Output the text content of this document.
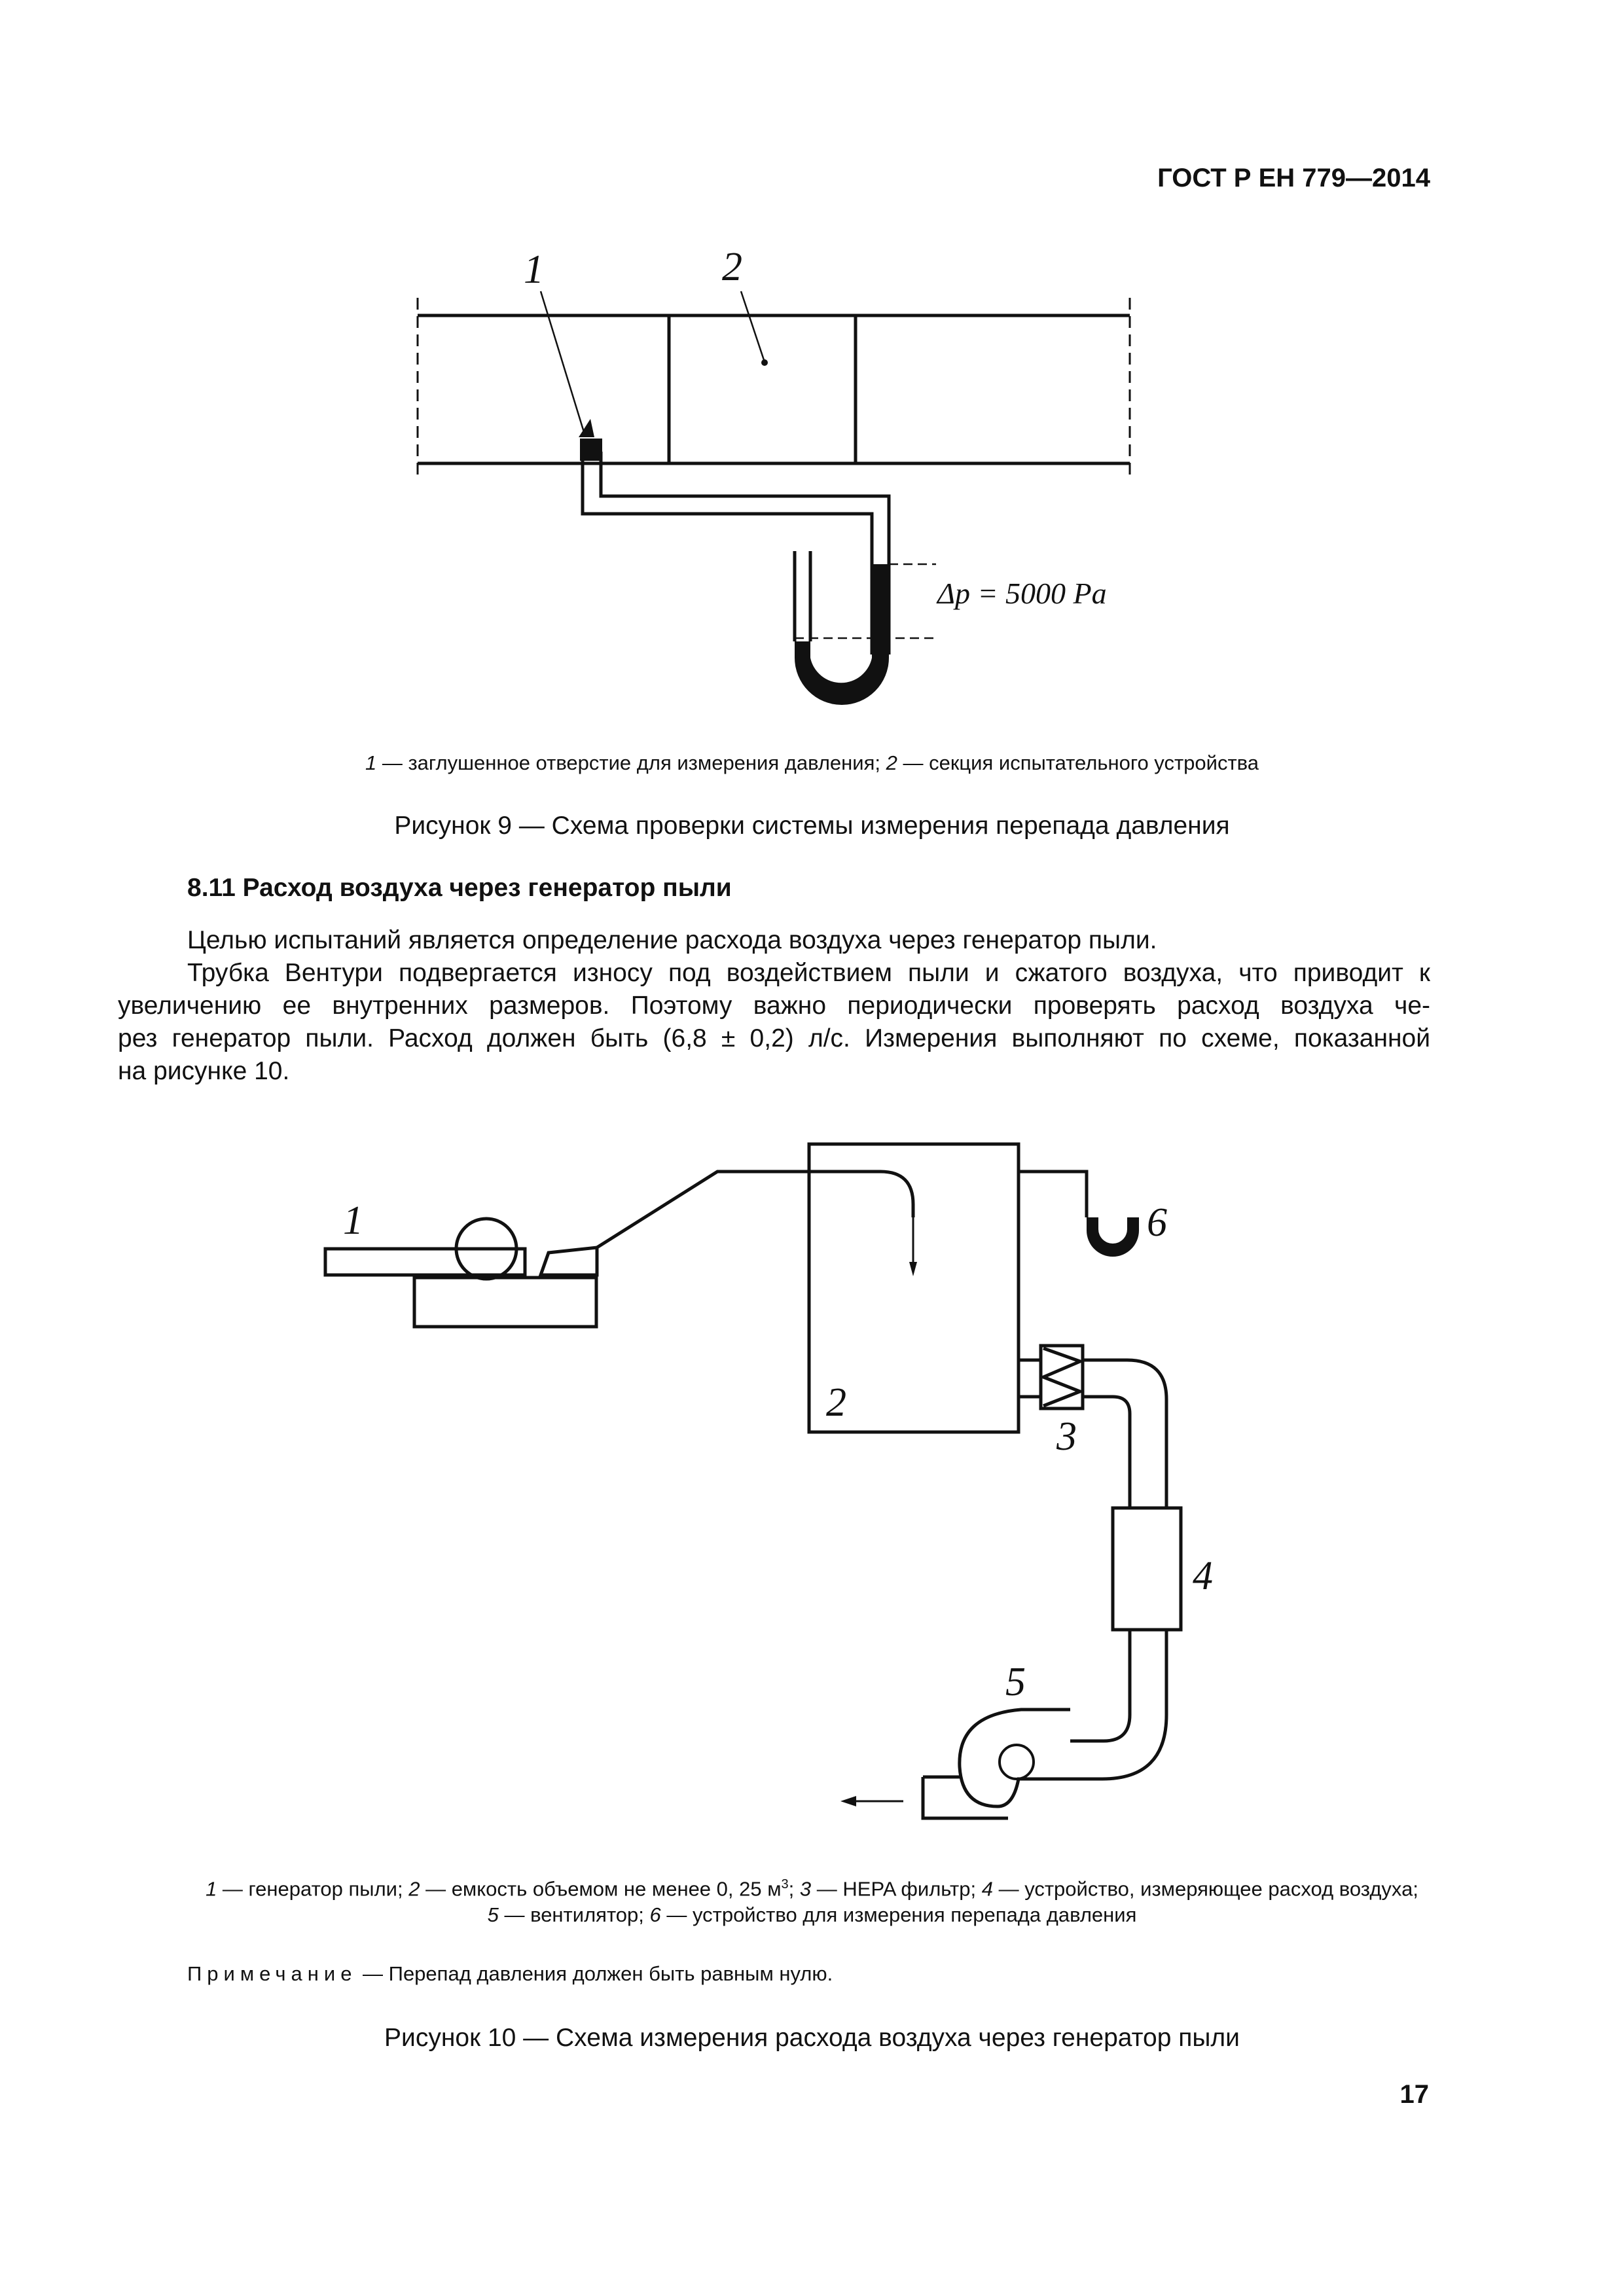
ГОСТ Р ЕН 779—2014
1	2
Δp = 5000 Pa
1 — заглушенное отверстие для измерения давления; 2 — секция испытательного устройства
Рисунок 9 — Схема проверки системы измерения перепада давления
8.11 Расход воздуха через генератор пыли
Целью испытаний является определение расхода воздуха через генератор пыли.
Трубка Вентури подвергается износу под воздействием пыли и сжатого воздуха, что приводит к
увеличению ее внутренних размеров. Поэтому важно периодически проверять расход воздуха че-
рез генератор пыли. Расход должен быть (6,8 ± 0,2) л/с. Измерения выполняют по схеме, показанной
на рисунке 10.
1
2
3
4
5
6
1 — генератор пыли; 2 — емкость объемом не менее 0, 25 $м^3$; 3 — HEPA фильтр; 4 — устройство, измеряющее расход воздуха;
5 — вентилятор; 6 — устройство для измерения перепада давления
Примечание — Перепад давления должен быть равным нулю.
Рисунок 10 — Схема измерения расхода воздуха через генератор пыли
17
